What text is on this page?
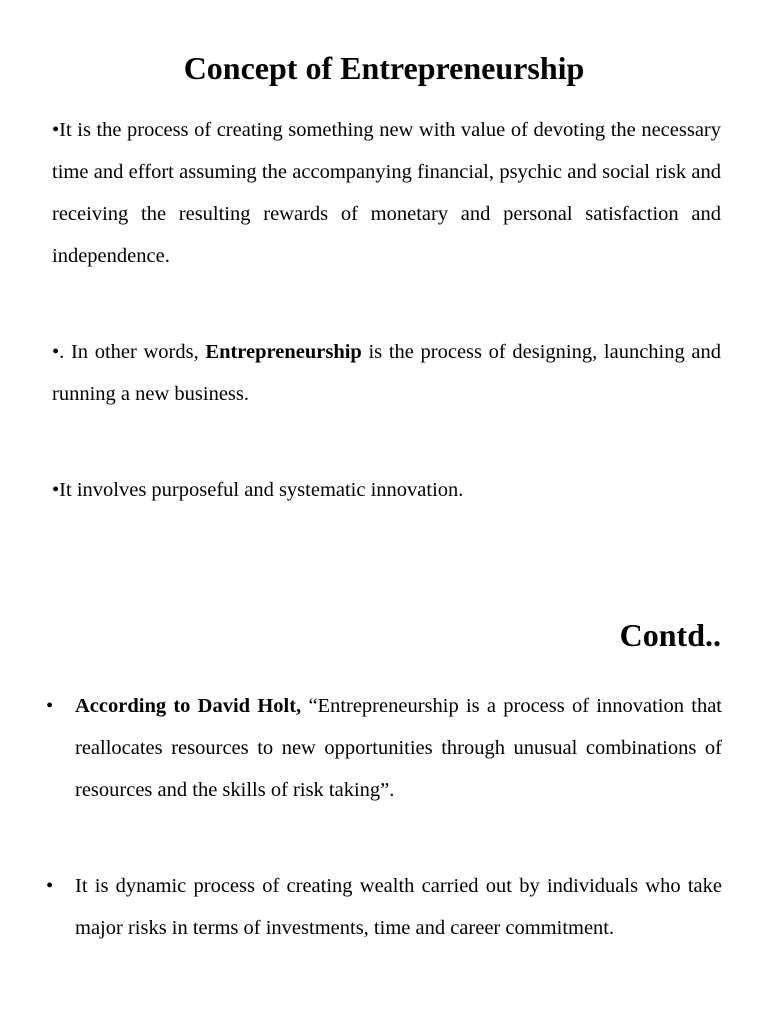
Concept of Entrepreneurship

•It is the process of creating something new with value of devoting the necessary time and effort assuming the accompanying financial, psychic and social risk and receiving the resulting rewards of monetary and personal satisfaction and independence.

•. In other words, Entrepreneurship is the process of designing, launching and running a new business.

•It involves purposeful and systematic innovation.

Contd..
•	According to David Holt, “Entrepreneurship is a process of innovation that reallocates resources to new opportunities through unusual combinations of resources and the skills of risk taking”.

•	It is dynamic process of creating wealth carried out by individuals who take major risks in terms of investments, time and career commitment.
